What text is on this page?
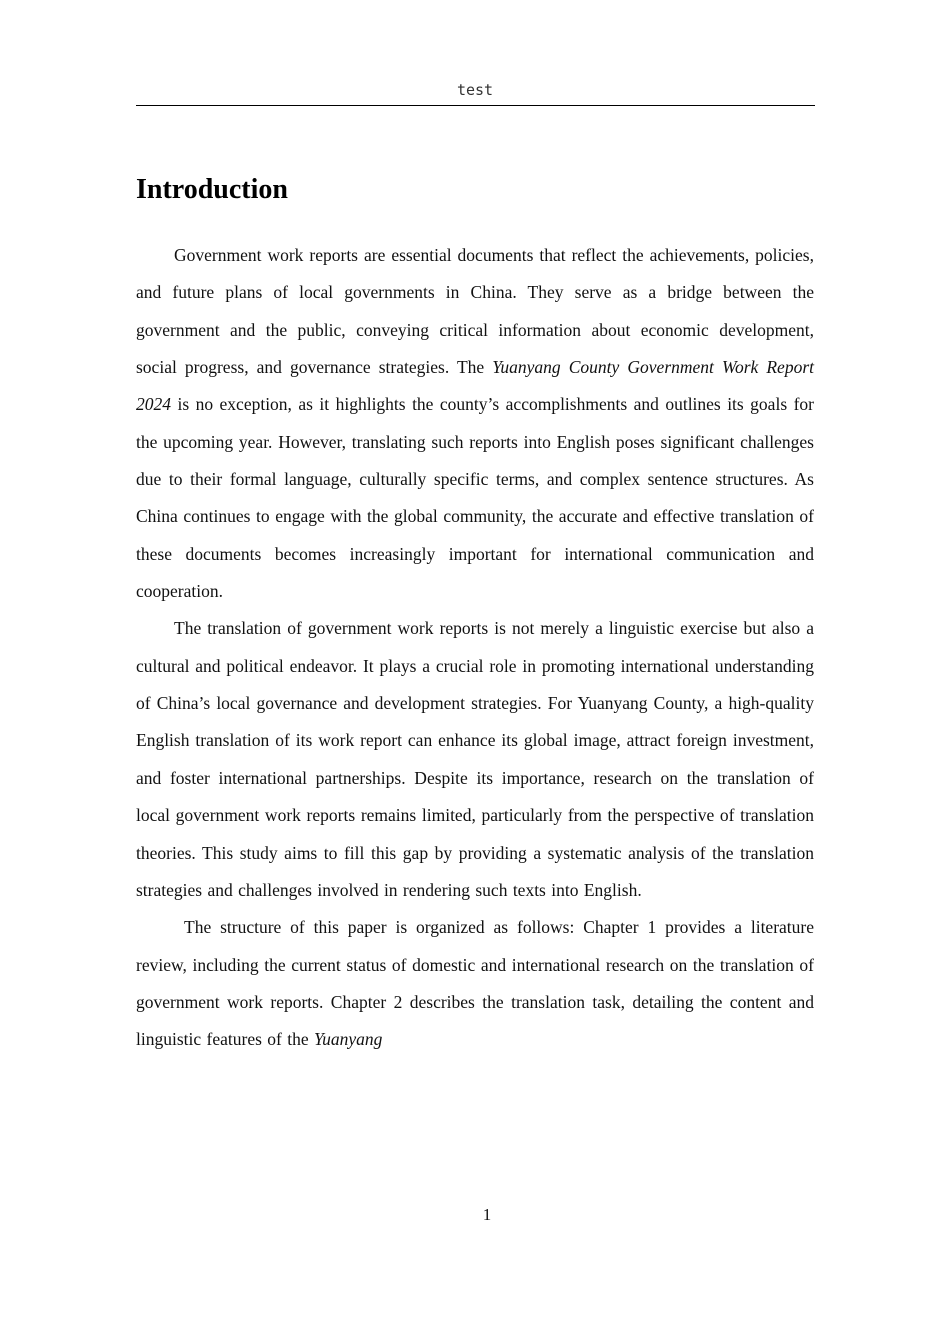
test
Introduction

Government work reports are essential documents that reflect the achievements, policies, and future plans of local governments in China. They serve as a bridge between the government and the public, conveying critical information about economic development, social progress, and governance strategies. The Yuanyang County Government Work Report 2024 is no exception, as it highlights the county’s accomplishments and outlines its goals for the upcoming year. However, translating such reports into English poses significant challenges due to their formal language, culturally specific terms, and complex sentence structures. As China continues to engage with the global community, the accurate and effective translation of these documents becomes increasingly important for international communication and cooperation.

The translation of government work reports is not merely a linguistic exercise but also a cultural and political endeavor. It plays a crucial role in promoting international understanding of China’s local governance and development strategies. For Yuanyang County, a high-quality English translation of its work report can enhance its global image, attract foreign investment, and foster international partnerships. Despite its importance, research on the translation of local government work reports remains limited, particularly from the perspective of translation theories. This study aims to fill this gap by providing a systematic analysis of the translation strategies and challenges involved in rendering such texts into English.

The structure of this paper is organized as follows: Chapter 1 provides a literature review, including the current status of domestic and international research on the translation of government work reports. Chapter 2 describes the translation task, detailing the content and linguistic features of the Yuanyang

1
